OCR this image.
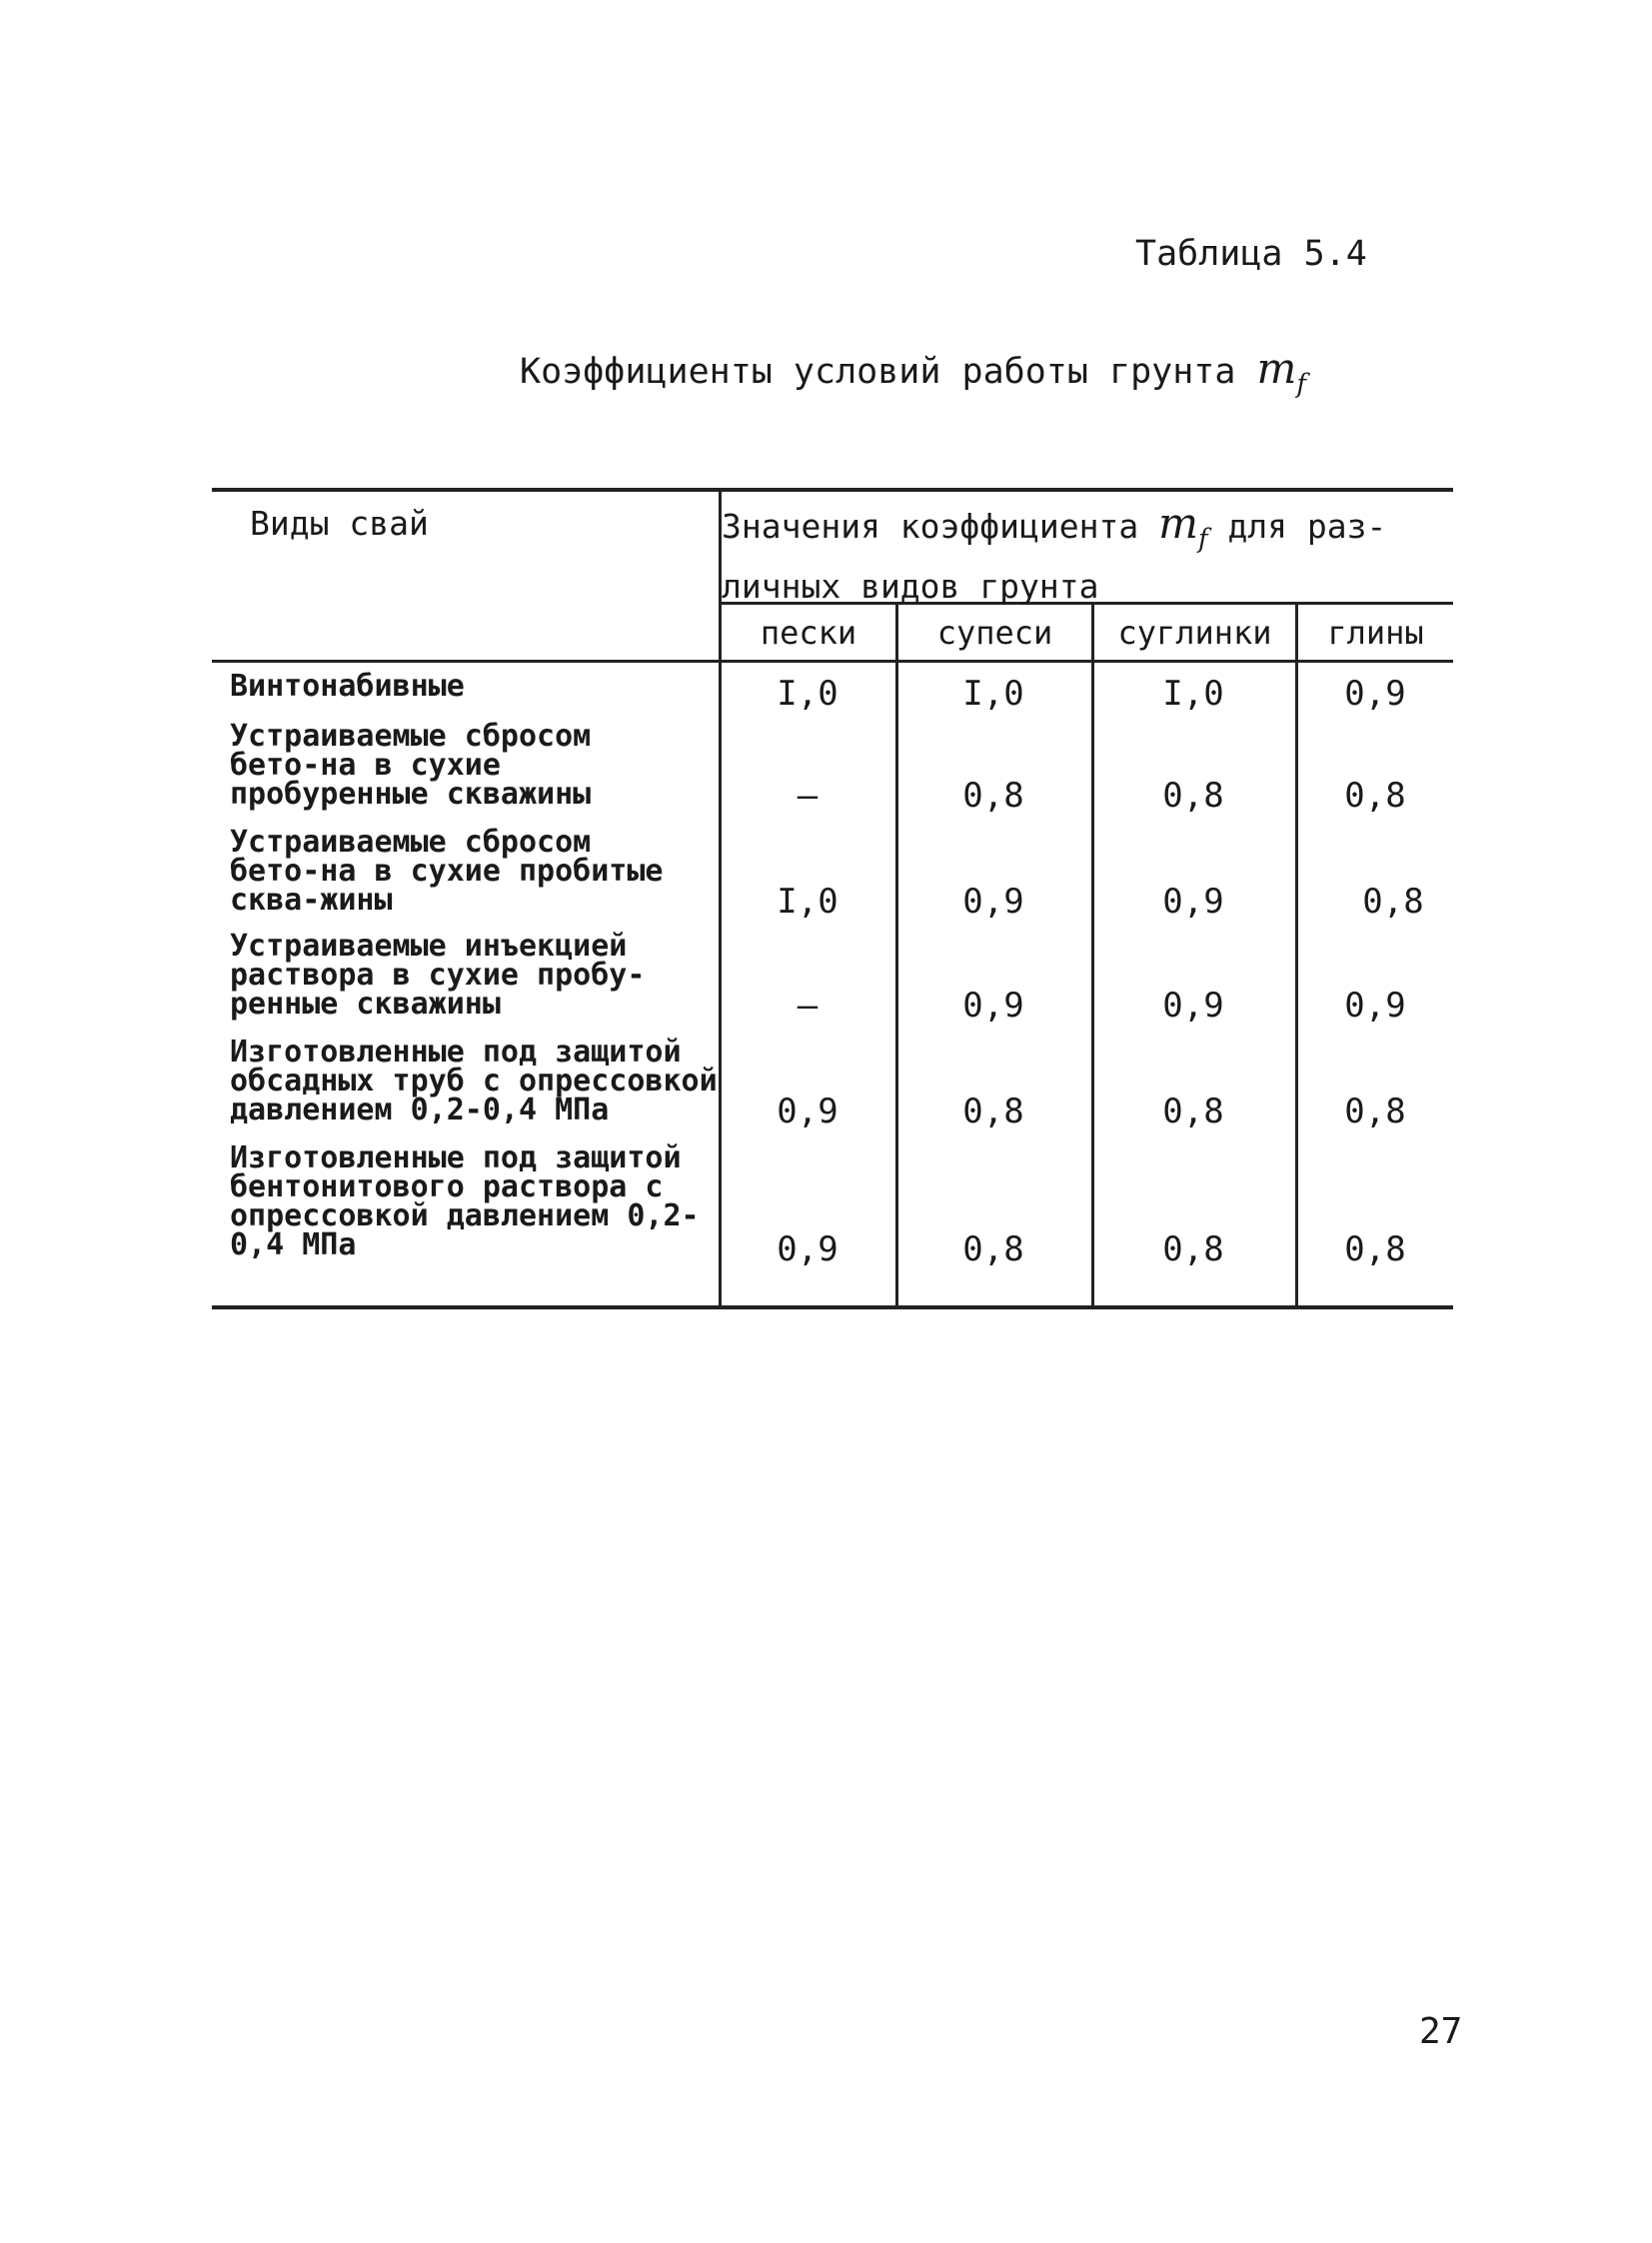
Таблица 5.4
Коэффициенты условий работы грунта $m_f$
Виды свай	Значения коэффициента $m_f$ для раз-
личных видов грунта
пески	супеси	суглинки	глины
Винтонабивные	I,0	I,0	I,0	0,9
Устраиваемые сбросом бето-на в сухие пробуренные скважины	–	0,8	0,8	0,8
Устраиваемые сбросом бето-на в сухие пробитые сква-жины	I,0	0,9	0,9	0,8
Устраиваемые инъекцией раствора в сухие пробу-ренные скважины	–	0,9	0,9	0,9
Изготовленные под защитой обсадных труб с опрессовкой давлением 0,2-0,4 МПа	0,9	0,8	0,8	0,8
Изготовленные под защитой бентонитового раствора с опрессовкой давлением 0,2-0,4 МПа	0,9	0,8	0,8	0,8
27
